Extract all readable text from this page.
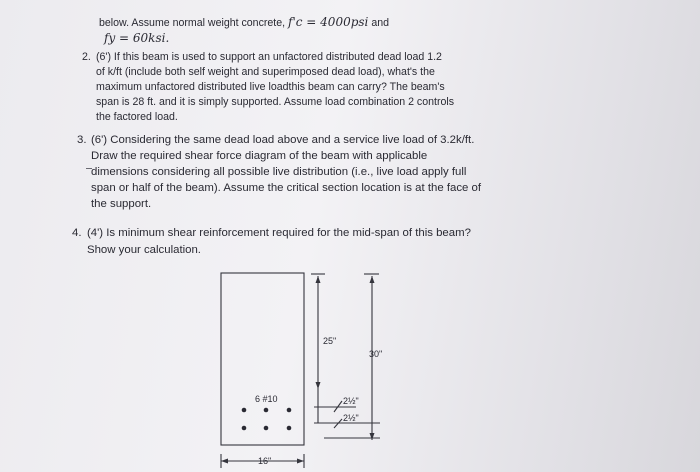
below. Assume normal weight concrete, f'c = 4000psi and
fy = 60ksi.
2. (6') If this beam is used to support an unfactored distributed dead load 1.2
of k/ft (include both self weight and superimposed dead load), what's the
maximum unfactored distributed live loadthis beam can carry? The beam's
span is 28 ft. and it is simply supported. Assume load combination 2 controls
the factored load.
3. (6') Considering the same dead load above and a service live load of 3.2k/ft.
Draw the required shear force diagram of the beam with applicable
dimensions considering all possible live distribution (i.e., live load apply full
span or half of the beam). Assume the critical section location is at the face of
the support.
4. (4') Is minimum shear reinforcement required for the mid-span of this beam?
Show your calculation.
6 #10
25"
30"
2½"
2½"
16"
